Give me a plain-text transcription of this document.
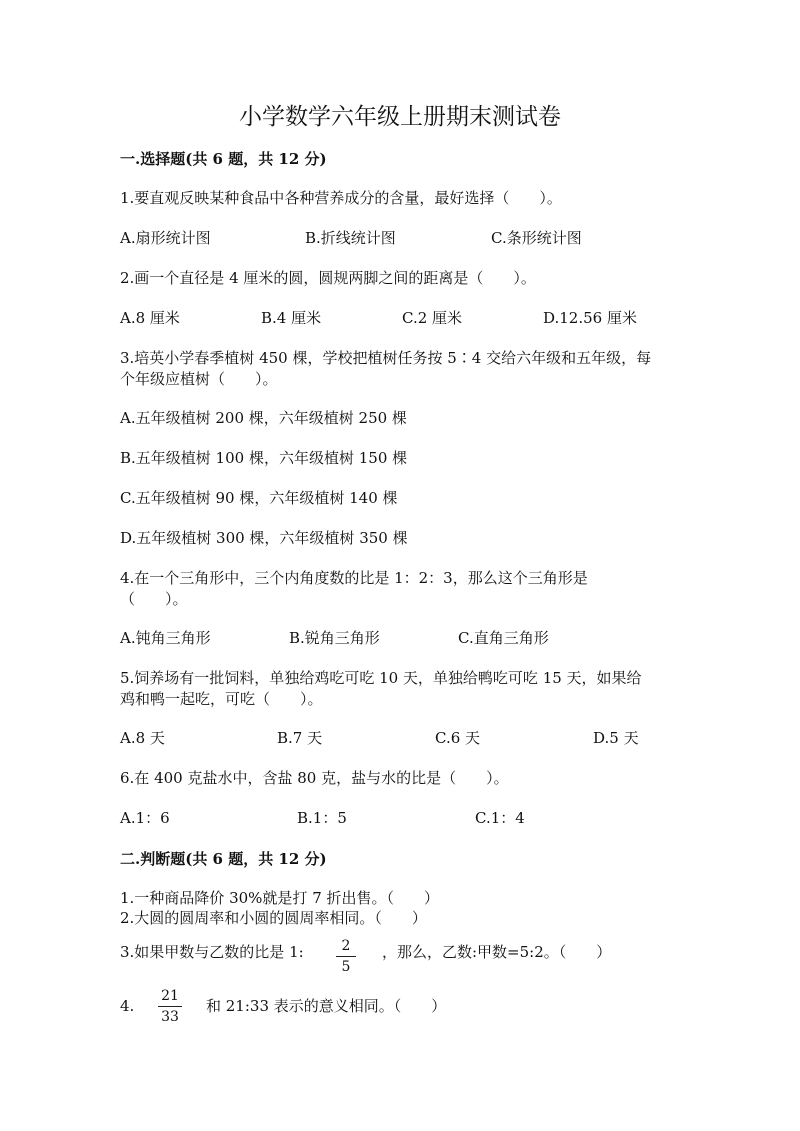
小学数学六年级上册期末测试卷
一.选择题(共 6 题，共 12 分)
1.要直观反映某种食品中各种营养成分的含量，最好选择（　　）。
A.扇形统计图	B.折线统计图	C.条形统计图
2.画一个直径是 4 厘米的圆，圆规两脚之间的距离是（　　）。
A.8 厘米	B.4 厘米	C.2 厘米	D.12.56 厘米
3.培英小学春季植树 450 棵，学校把植树任务按 5∶4 交给六年级和五年级，每
个年级应植树（　　）。
A.五年级植树 200 棵，六年级植树 250 棵
B.五年级植树 100 棵，六年级植树 150 棵
C.五年级植树 90 棵，六年级植树 140 棵
D.五年级植树 300 棵，六年级植树 350 棵
4.在一个三角形中，三个内角度数的比是 1：2：3，那么这个三角形是
（　　）。
A.钝角三角形	B.锐角三角形	C.直角三角形
5.饲养场有一批饲料，单独给鸡吃可吃 10 天，单独给鸭吃可吃 15 天，如果给
鸡和鸭一起吃，可吃（　　）。
A.8 天	B.7 天	C.6 天	D.5 天
6.在 400 克盐水中，含盐 80 克，盐与水的比是（　　）。
A.1：6	B.1：5	C.1：4
二.判断题(共 6 题，共 12 分)
1.一种商品降价 30%就是打 7 折出售。（　　）
2.大圆的圆周率和小圆的圆周率相同。（　　）
3.如果甲数与乙数的比是 1:	2
5
，那么，乙数:甲数=5:2。（　　）
4.
21
33
和 21:33 表示的意义相同。（　　）
